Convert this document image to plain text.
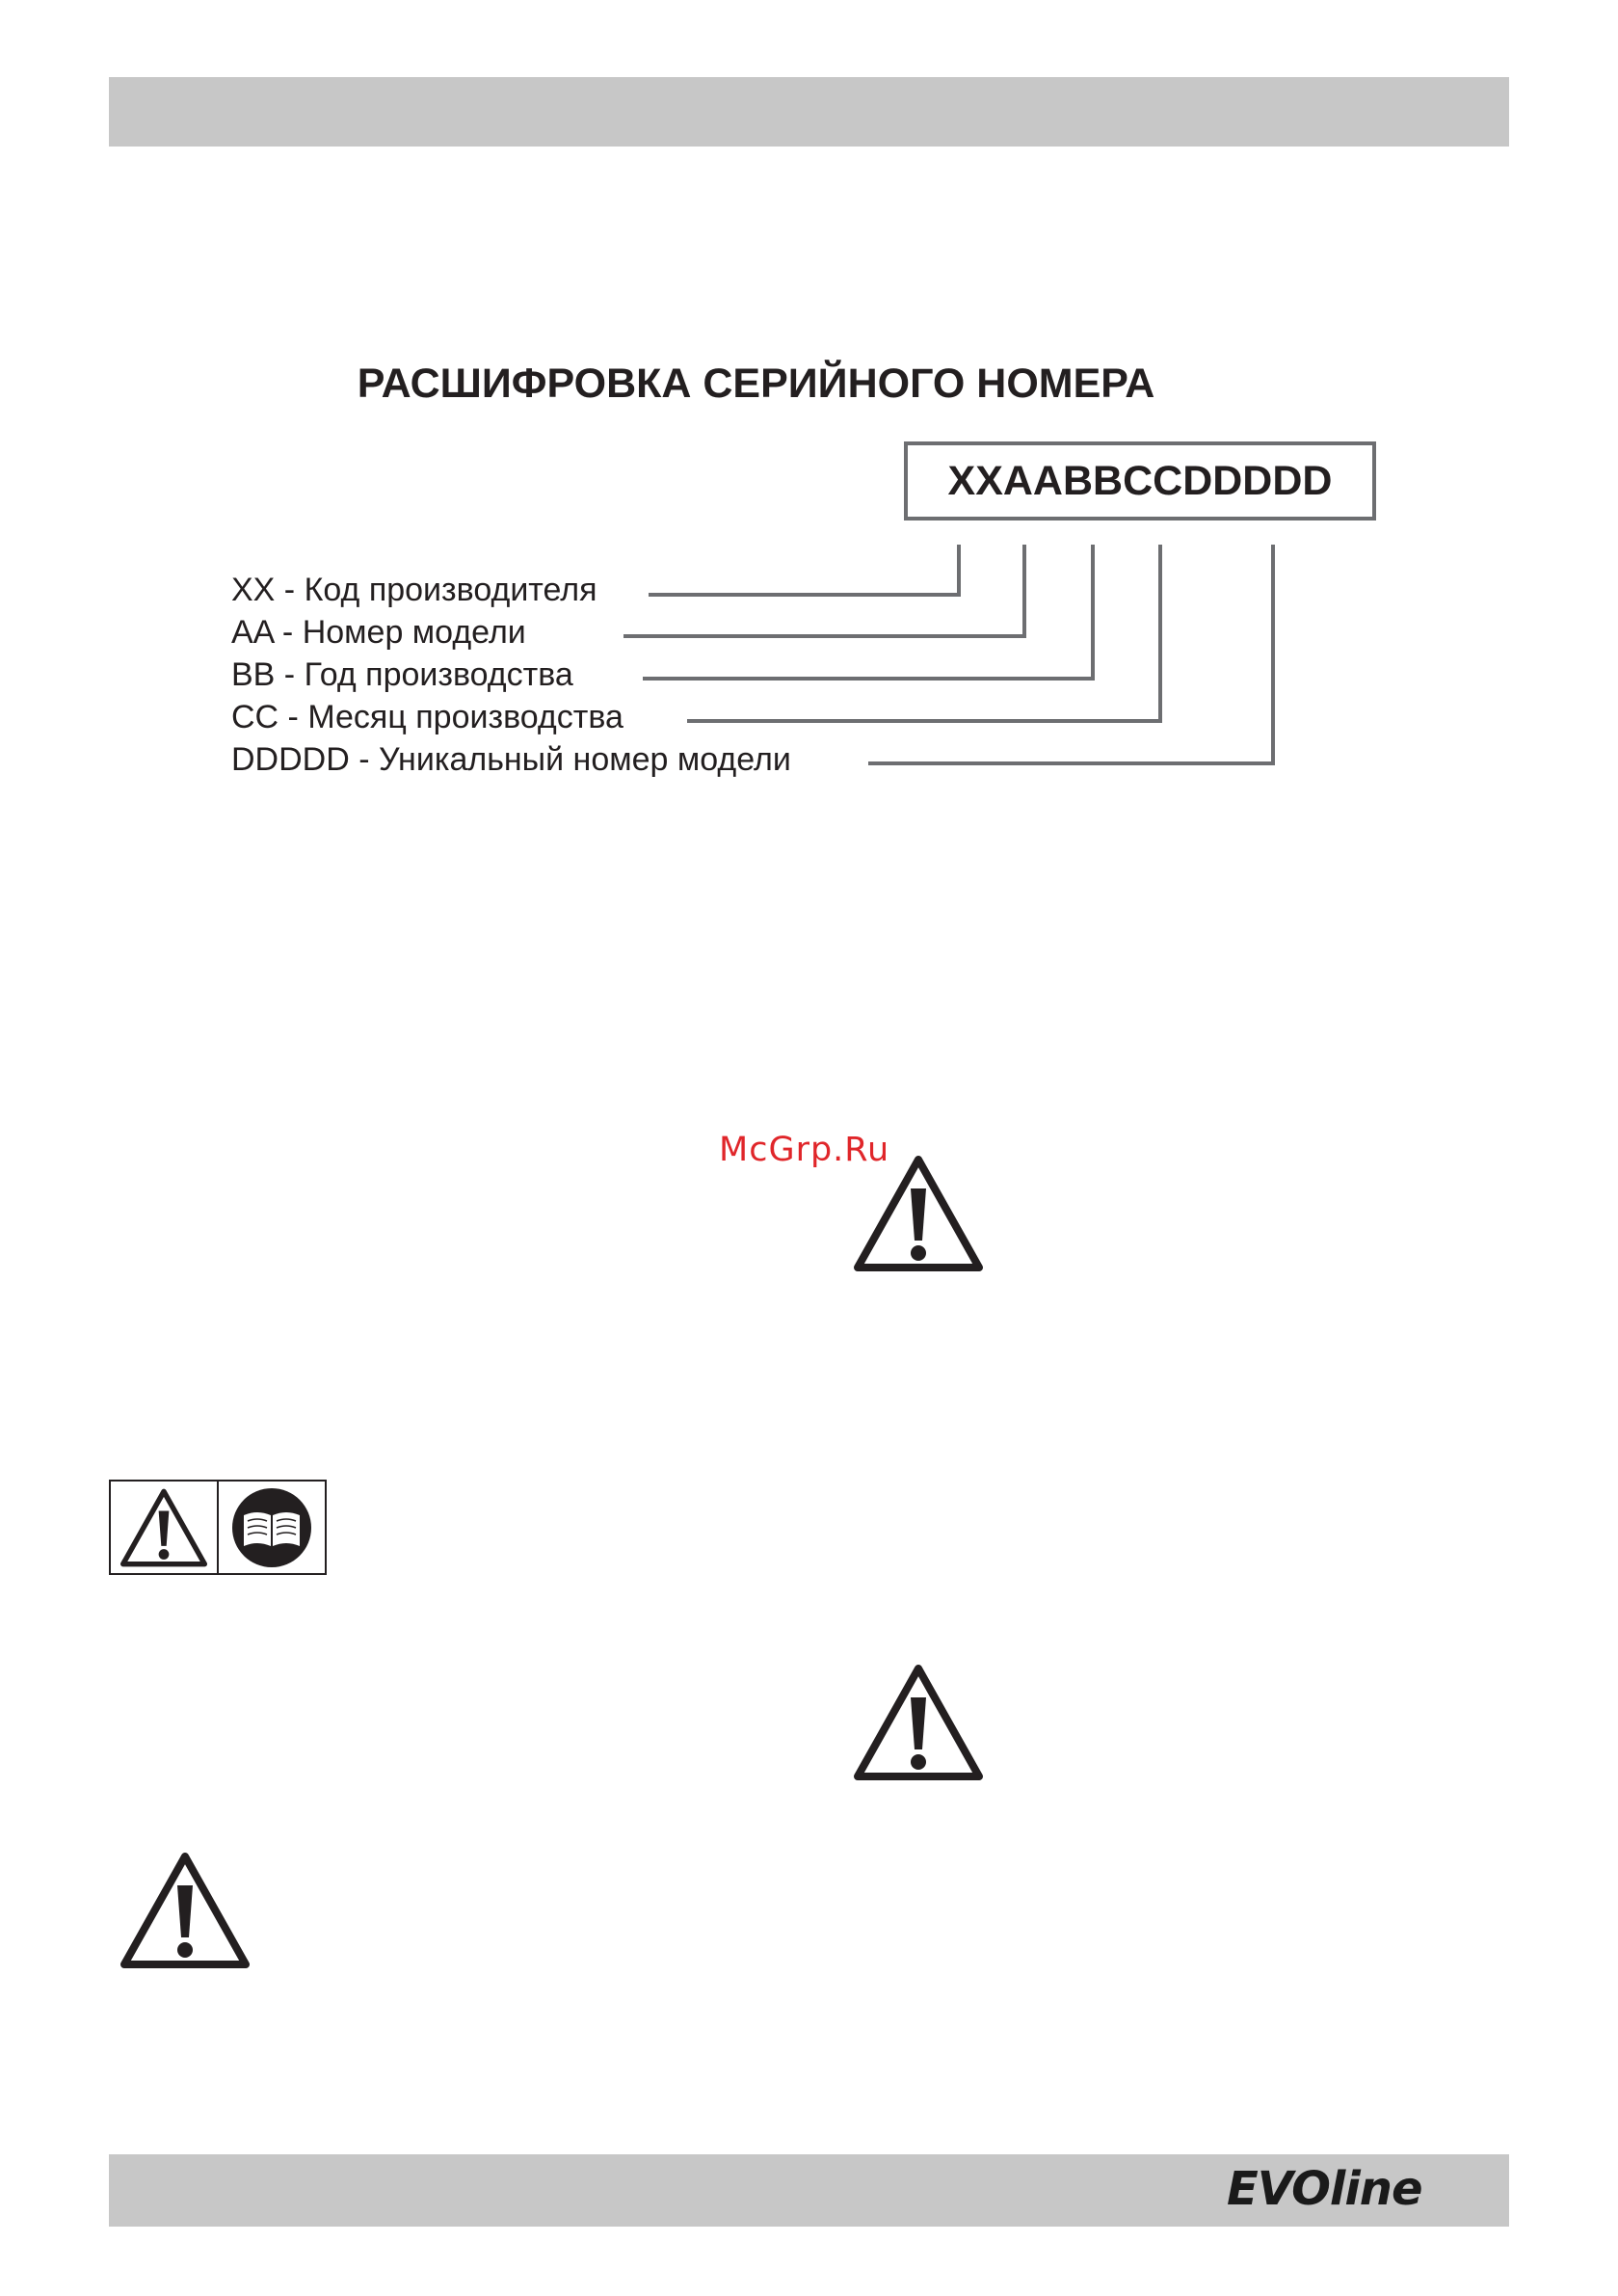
РАСШИФРОВКА СЕРИЙНОГО НОМЕРА
XXAABBCCDDDDD
XX - Код производителя
AA - Номер модели
BB - Год производства
CC - Месяц производства
DDDDD - Уникальный номер модели
McGrp.Ru
EVOline
